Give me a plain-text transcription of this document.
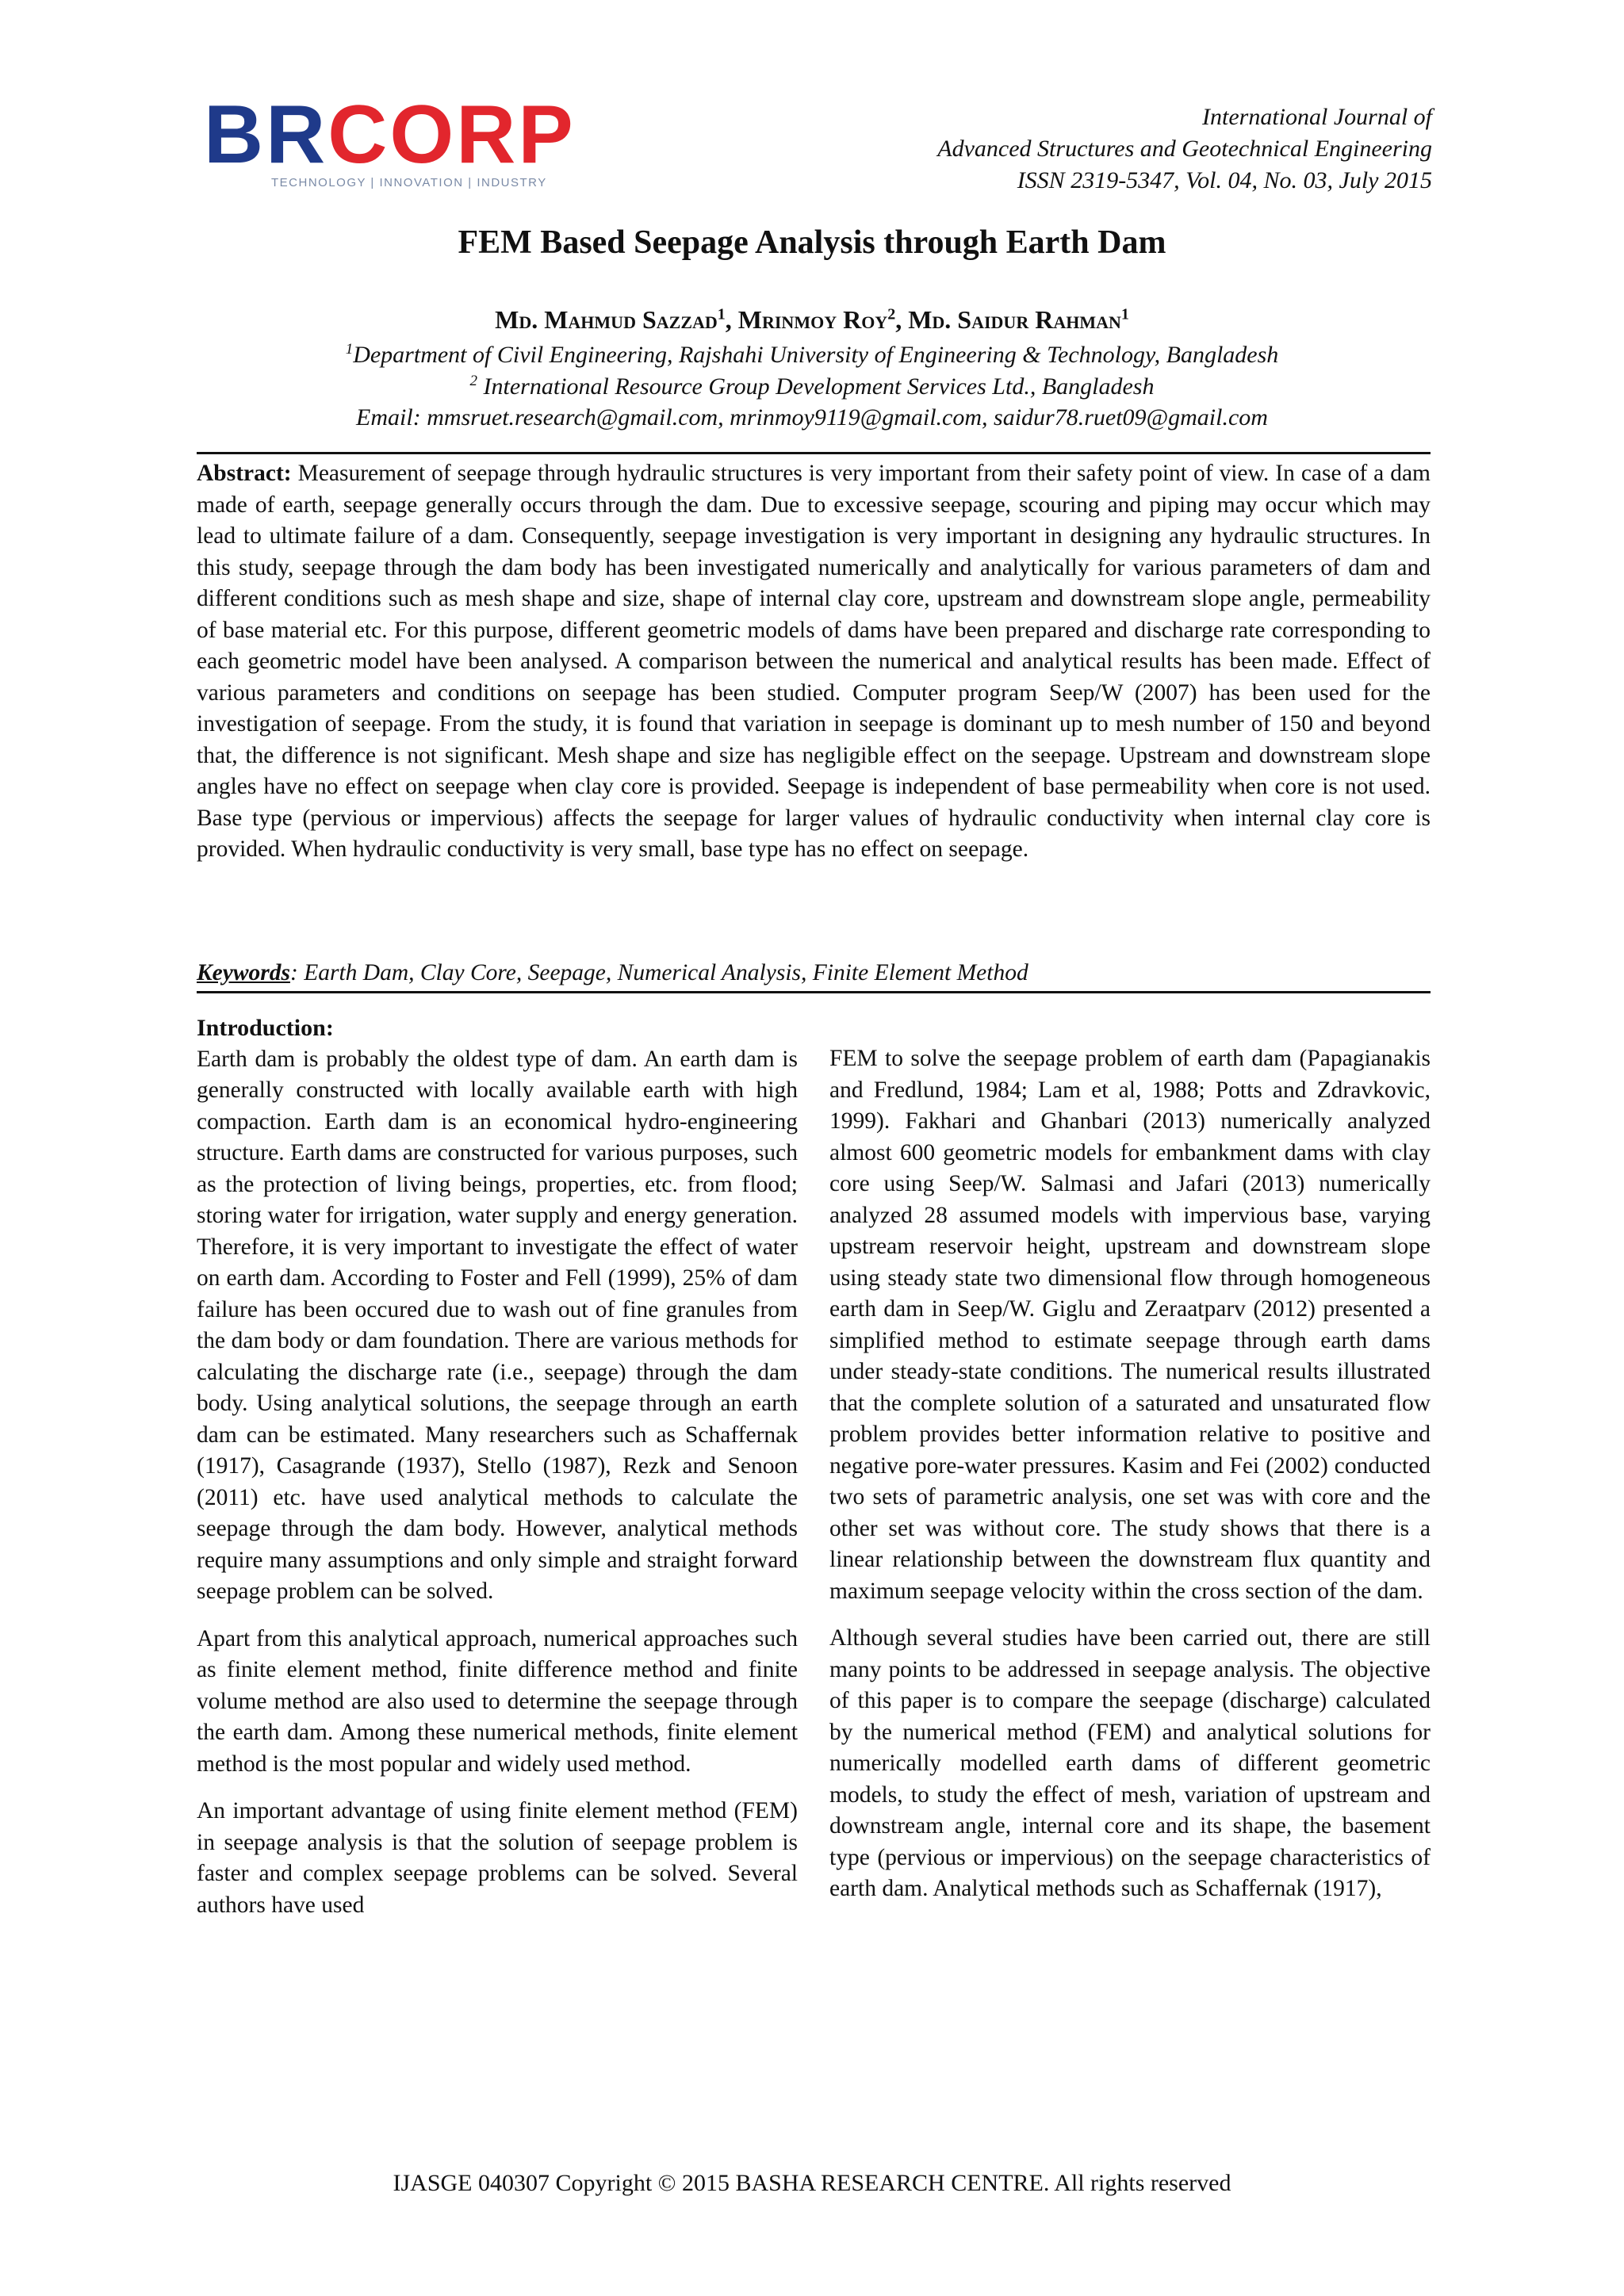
BRCORP
TECHNOLOGY | INNOVATION | INDUSTRY
International Journal of
Advanced Structures and Geotechnical Engineering
ISSN 2319-5347, Vol. 04, No. 03, July 2015
FEM Based Seepage Analysis through Earth Dam
Md. Mahmud Sazzad$^1$, Mrinmoy Roy$^2$, Md. Saidur Rahman$^1$
$^1$Department of Civil Engineering, Rajshahi University of Engineering & Technology, Bangladesh
$^2$ International Resource Group Development Services Ltd., Bangladesh
Email: mmsruet.research@gmail.com, mrinmoy9119@gmail.com, saidur78.ruet09@gmail.com
Abstract: Measurement of seepage through hydraulic structures is very important from their safety point of view. In case of a dam made of earth, seepage generally occurs through the dam. Due to excessive seepage, scouring and piping may occur which may lead to ultimate failure of a dam. Consequently, seepage investigation is very important in designing any hydraulic structures. In this study, seepage through the dam body has been investigated numerically and analytically for various parameters of dam and different conditions such as mesh shape and size, shape of internal clay core, upstream and downstream slope angle, permeability of base material etc. For this purpose, different geometric models of dams have been prepared and discharge rate corresponding to each geometric model have been analysed. A comparison between the numerical and analytical results has been made. Effect of various parameters and conditions on seepage has been studied. Computer program Seep/W (2007) has been used for the investigation of seepage. From the study, it is found that variation in seepage is dominant up to mesh number of 150 and beyond that, the difference is not significant. Mesh shape and size has negligible effect on the seepage. Upstream and downstream slope angles have no effect on seepage when clay core is provided. Seepage is independent of base permeability when core is not used. Base type (pervious or impervious) affects the seepage for larger values of hydraulic conductivity when internal clay core is provided. When hydraulic conductivity is very small, base type has no effect on seepage.
Keywords: Earth Dam, Clay Core, Seepage, Numerical Analysis, Finite Element Method
Introduction:

Earth dam is probably the oldest type of dam. An earth dam is generally constructed with locally available earth with high compaction. Earth dam is an economical hydro-engineering structure. Earth dams are constructed for various purposes, such as the protection of living beings, properties, etc. from flood; storing water for irrigation, water supply and energy generation. Therefore, it is very important to investigate the effect of water on earth dam. According to Foster and Fell (1999), 25% of dam failure has been occured due to wash out of fine granules from the dam body or dam foundation. There are various methods for calculating the discharge rate (i.e., seepage) through the dam body. Using analytical solutions, the seepage through an earth dam can be estimated. Many researchers such as Schaffernak (1917), Casagrande (1937), Stello (1987), Rezk and Senoon (2011) etc. have used analytical methods to calculate the seepage through the dam body. However, analytical methods require many assumptions and only simple and straight forward seepage problem can be solved.

Apart from this analytical approach, numerical approaches such as finite element method, finite difference method and finite volume method are also used to determine the seepage through the earth dam. Among these numerical methods, finite element method is the most popular and widely used method.

An important advantage of using finite element method (FEM) in seepage analysis is that the solution of seepage problem is faster and complex seepage problems can be solved. Several authors have used

FEM to solve the seepage problem of earth dam (Papagianakis and Fredlund, 1984; Lam et al, 1988; Potts and Zdravkovic, 1999). Fakhari and Ghanbari (2013) numerically analyzed almost 600 geometric models for embankment dams with clay core using Seep/W. Salmasi and Jafari (2013) numerically analyzed 28 assumed models with impervious base, varying upstream reservoir height, upstream and downstream slope using steady state two dimensional flow through homogeneous earth dam in Seep/W. Giglu and Zeraatparv (2012) presented a simplified method to estimate seepage through earth dams under steady-state conditions. The numerical results illustrated that the complete solution of a saturated and unsaturated flow problem provides better information relative to positive and negative pore-water pressures. Kasim and Fei (2002) conducted two sets of parametric analysis, one set was with core and the other set was without core. The study shows that there is a linear relationship between the downstream flux quantity and maximum seepage velocity within the cross section of the dam.

Although several studies have been carried out, there are still many points to be addressed in seepage analysis. The objective of this paper is to compare the seepage (discharge) calculated by the numerical method (FEM) and analytical solutions for numerically modelled earth dams of different geometric models, to study the effect of mesh, variation of upstream and downstream angle, internal core and its shape, the basement type (pervious or impervious) on the seepage characteristics of earth dam. Analytical methods such as Schaffernak (1917),

IJASGE 040307 Copyright © 2015 BASHA RESEARCH CENTRE. All rights reserved
